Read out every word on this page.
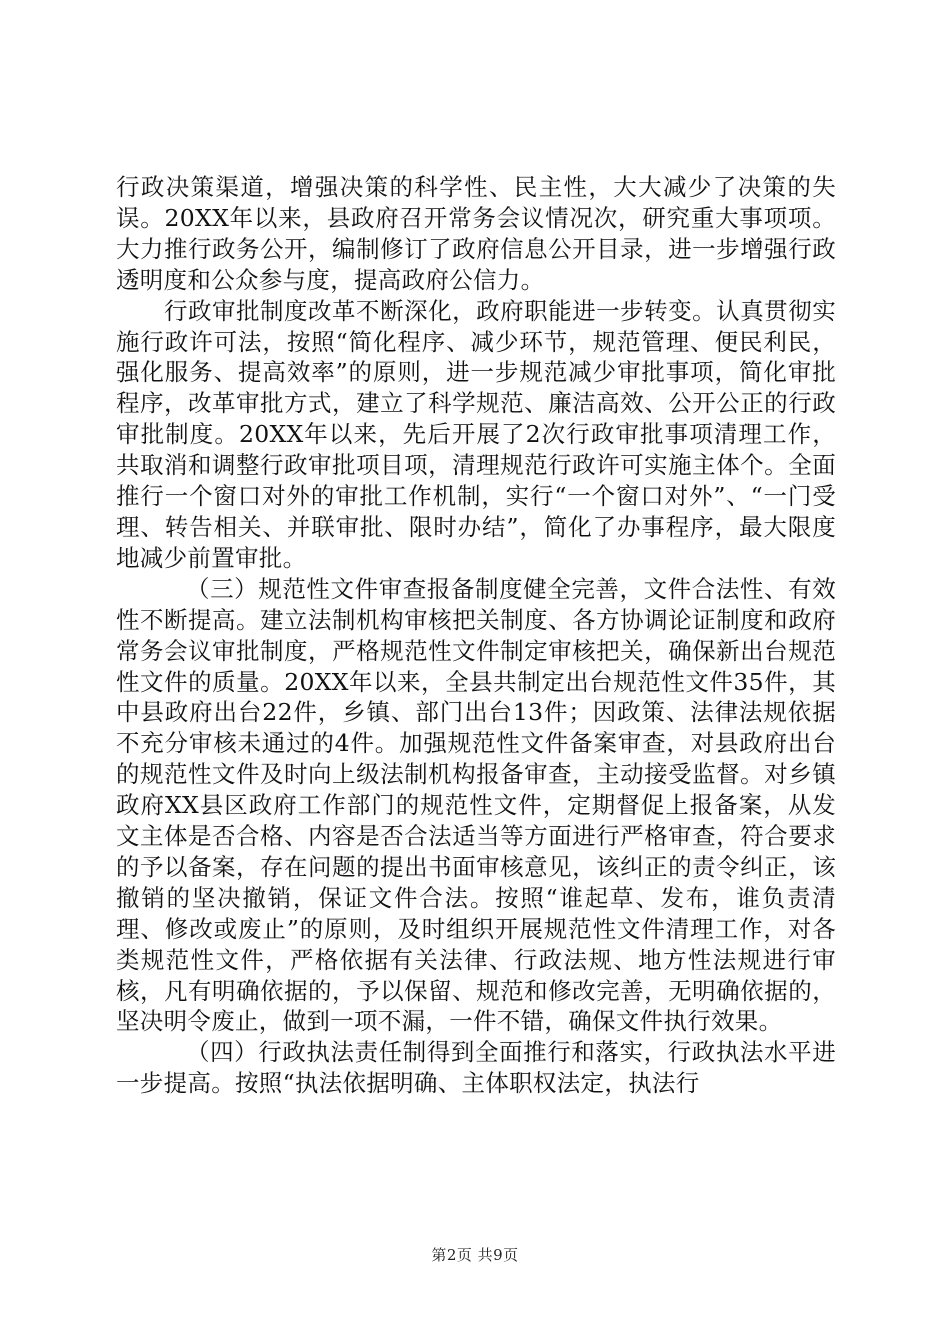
行政决策渠道，增强决策的科学性、民主性，大大减少了决策的失误。20XX年以来，县政府召开常务会议情况次，研究重大事项项。大力推行政务公开，编制修订了政府信息公开目录，进一步增强行政透明度和公众参与度，提高政府公信力。

行政审批制度改革不断深化，政府职能进一步转变。认真贯彻实施行政许可法，按照“简化程序、减少环节，规范管理、便民利民，强化服务、提高效率”的原则，进一步规范减少审批事项，简化审批程序，改革审批方式，建立了科学规范、廉洁高效、公开公正的行政审批制度。20XX年以来，先后开展了2次行政审批事项清理工作，共取消和调整行政审批项目项，清理规范行政许可实施主体个。全面推行一个窗口对外的审批工作机制，实行“一个窗口对外”、“一门受理、转告相关、并联审批、限时办结”，简化了办事程序，最大限度地减少前置审批。

（三）规范性文件审查报备制度健全完善，文件合法性、有效性不断提高。建立法制机构审核把关制度、各方协调论证制度和政府常务会议审批制度，严格规范性文件制定审核把关，确保新出台规范性文件的质量。20XX年以来，全县共制定出台规范性文件35件，其中县政府出台22件，乡镇、部门出台13件；因政策、法律法规依据不充分审核未通过的4件。加强规范性文件备案审查，对县政府出台的规范性文件及时向上级法制机构报备审查，主动接受监督。对乡镇政府XX县区政府工作部门的规范性文件，定期督促上报备案，从发文主体是否合格、内容是否合法适当等方面进行严格审查，符合要求的予以备案，存在问题的提出书面审核意见，该纠正的责令纠正，该撤销的坚决撤销，保证文件合法。按照“谁起草、发布，谁负责清理、修改或废止”的原则，及时组织开展规范性文件清理工作，对各类规范性文件，严格依据有关法律、行政法规、地方性法规进行审核，凡有明确依据的，予以保留、规范和修改完善，无明确依据的，坚决明令废止，做到一项不漏，一件不错，确保文件执行效果。

（四）行政执法责任制得到全面推行和落实，行政执法水平进一步提高。按照“执法依据明确、主体职权法定，执法行

第2页 共9页
